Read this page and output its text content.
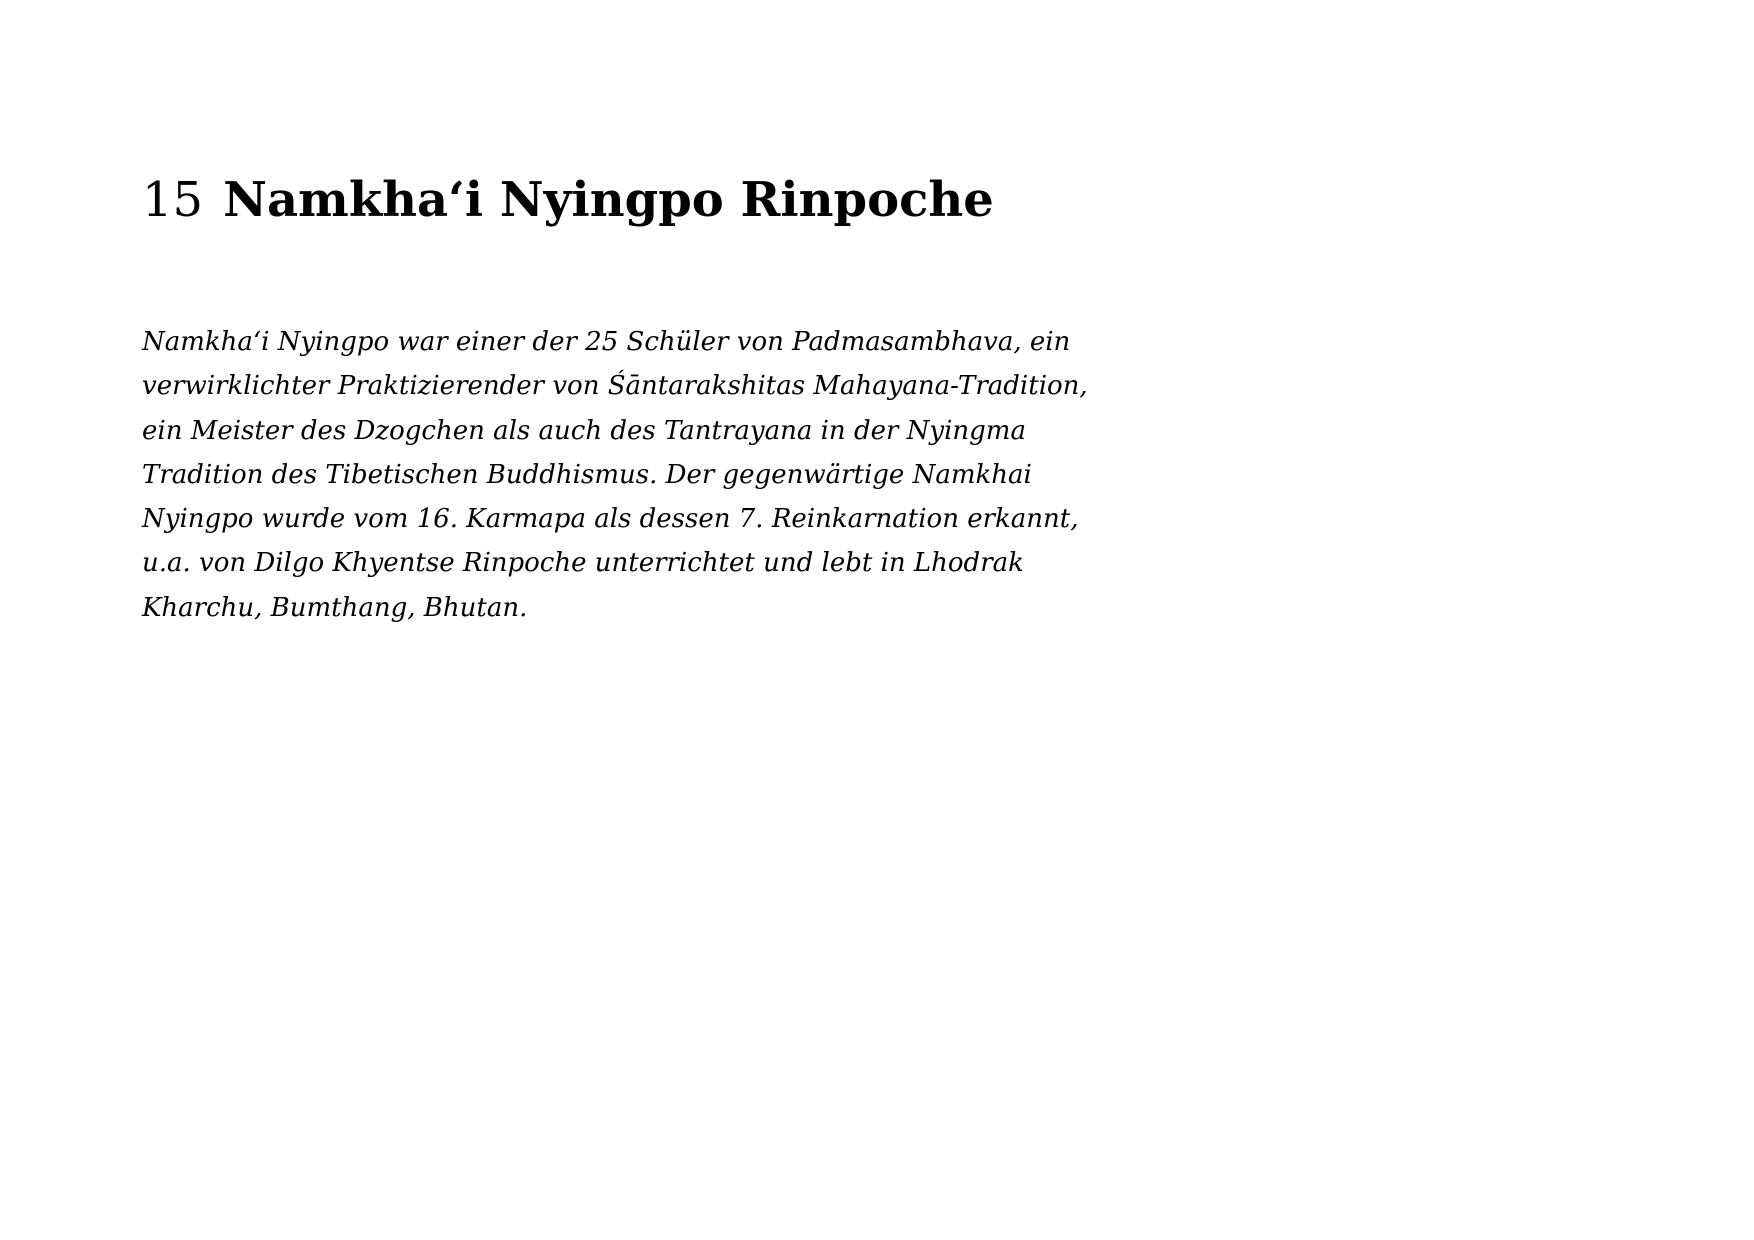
15 Namkha‘i Nyingpo Rinpoche

Namkha‘i Nyingpo war einer der 25 Schüler von Padmasambhava, ein
verwirklichter Praktizierender von Śāntarakshitas Mahayana-Tradition,
ein Meister des Dzogchen als auch des Tantrayana in der Nyingma
Tradition des Tibetischen Buddhismus. Der gegenwärtige Namkhai
Nyingpo wurde vom 16. Karmapa als dessen 7. Reinkarnation erkannt,
u.a. von Dilgo Khyentse Rinpoche unterrichtet und lebt in Lhodrak
Kharchu, Bumthang, Bhutan.
